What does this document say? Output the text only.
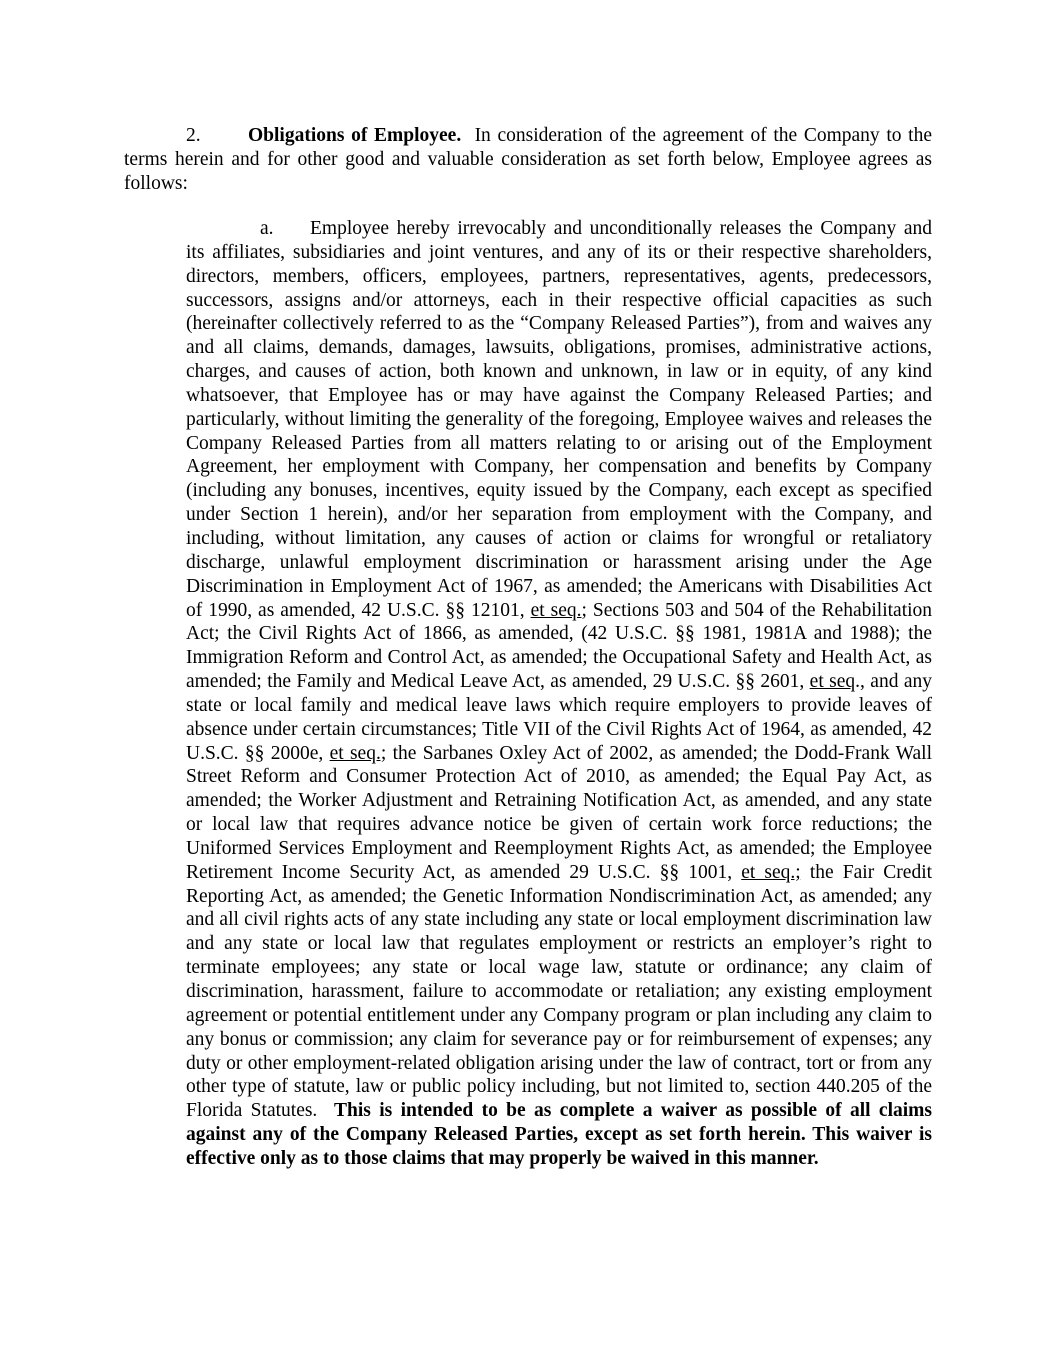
2. Obligations of Employee. In consideration of the agreement of the Company to the terms herein and for other good and valuable consideration as set forth below, Employee agrees as follows:

a. Employee hereby irrevocably and unconditionally releases the Company and its affiliates, subsidiaries and joint ventures, and any of its or their respective shareholders, directors, members, officers, employees, partners, representatives, agents, predecessors, successors, assigns and/or attorneys, each in their respective official capacities as such (hereinafter collectively referred to as the “Company Released Parties”), from and waives any and all claims, demands, damages, lawsuits, obligations, promises, administrative actions, charges, and causes of action, both known and unknown, in law or in equity, of any kind whatsoever, that Employee has or may have against the Company Released Parties; and particularly, without limiting the generality of the foregoing, Employee waives and releases the Company Released Parties from all matters relating to or arising out of the Employment Agreement, her employment with Company, her compensation and benefits by Company (including any bonuses, incentives, equity issued by the Company, each except as specified under Section 1 herein), and/or her separation from employment with the Company, and including, without limitation, any causes of action or claims for wrongful or retaliatory discharge, unlawful employment discrimination or harassment arising under the Age Discrimination in Employment Act of 1967, as amended; the Americans with Disabilities Act of 1990, as amended, 42 U.S.C. §§ 12101, et seq.; Sections 503 and 504 of the Rehabilitation Act; the Civil Rights Act of 1866, as amended, (42 U.S.C. §§ 1981, 1981A and 1988); the Immigration Reform and Control Act, as amended; the Occupational Safety and Health Act, as amended; the Family and Medical Leave Act, as amended, 29 U.S.C. §§ 2601, et seq., and any state or local family and medical leave laws which require employers to provide leaves of absence under certain circumstances; Title VII of the Civil Rights Act of 1964, as amended, 42 U.S.C. §§ 2000e, et seq.; the Sarbanes Oxley Act of 2002, as amended; the Dodd-Frank Wall Street Reform and Consumer Protection Act of 2010, as amended; the Equal Pay Act, as amended; the Worker Adjustment and Retraining Notification Act, as amended, and any state or local law that requires advance notice be given of certain work force reductions; the Uniformed Services Employment and Reemployment Rights Act, as amended; the Employee Retirement Income Security Act, as amended 29 U.S.C. §§ 1001, et seq.; the Fair Credit Reporting Act, as amended; the Genetic Information Nondiscrimination Act, as amended; any and all civil rights acts of any state including any state or local employment discrimination law and any state or local law that regulates employment or restricts an employer’s right to terminate employees; any state or local wage law, statute or ordinance; any claim of discrimination, harassment, failure to accommodate or retaliation; any existing employment agreement or potential entitlement under any Company program or plan including any claim to any bonus or commission; any claim for severance pay or for reimbursement of expenses; any duty or other employment-related obligation arising under the law of contract, tort or from any other type of statute, law or public policy including, but not limited to, section 440.205 of the Florida Statutes. This is intended to be as complete a waiver as possible of all claims against any of the Company Released Parties, except as set forth herein. This waiver is effective only as to those claims that may properly be waived in this manner.
